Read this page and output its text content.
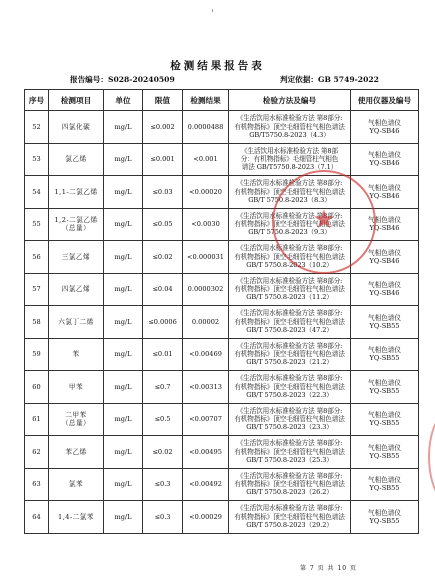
检测结果报告表
报告编号：S028-20240509	判定依据：GB 5749-2022
序号	检测项目	单位	限值	检测结果	检验方法及编号	使用仪器及编号
52	四氯化碳	mg/L	≤0.002	0.0000488	《生活饮用水标准检验方法 第8部分:
有机物指标》顶空毛细管柱气相色谱法
GB/T5750.8-2023（4.3）	气相色谱仪
YQ-SB46
53	氯乙烯	mg/L	≤0.001	<0.001	《生活饮用水标准检验方法 第8部
分：有机物指标》毛细管柱气相色
谱法 GB/T5750.8-2023（7.1）	气相色谱仪
YQ-SB46
54	1,1-二氯乙烯	mg/L	≤0.03	<0.00020	《生活饮用水标准检验方法 第8部分:
有机物指标》顶空毛细管柱气相色谱法
GB/T 5750.8-2023（8.3）	气相色谱仪
YQ-SB46
55	1,2-二氯乙烯
（总量）	mg/L	≤0.05	<0.0030	《生活饮用水标准检验方法 第8部分:
有机物指标》顶空毛细管柱气相色谱法
GB/T 5750.8-2023（9.3）	气相色谱仪
YQ-SB46
56	三氯乙烯	mg/L	≤0.02	<0.000031	《生活饮用水标准检验方法 第8部分:
有机物指标》顶空毛细管柱气相色谱法
GB/T 5750.8-2023（10.2）	气相色谱仪
YQ-SB46
57	四氯乙烯	mg/L	≤0.04	0.0000302	《生活饮用水标准检验方法 第8部分:
有机物指标》顶空毛细管柱气相色谱法
GB/T 5750.8-2023（11.2）	气相色谱仪
YQ-SB46
58	六氯丁二烯	mg/L	≤0.0006	0.00002	《生活饮用水标准检验方法 第8部分:
有机物指标》顶空毛细管柱气相色谱法
GB/T 5750.8-2023（47.2）	气相色谱仪
YQ-SB55
59	苯	mg/L	≤0.01	<0.00469	《生活饮用水标准检验方法 第8部分:
有机物指标》顶空毛细管柱气相色谱法
GB/T 5750.8-2023（21.2）	气相色谱仪
YQ-SB55
60	甲苯	mg/L	≤0.7	<0.00313	《生活饮用水标准检验方法 第8部分:
有机物指标》顶空毛细管柱气相色谱法
GB/T 5750.8-2023（22.3）	气相色谱仪
YQ-SB55
61	二甲苯
（总量）	mg/L	≤0.5	<0.00707	《生活饮用水标准检验方法 第8部分:
有机物指标》顶空毛细管柱气相色谱法
GB/T 5750.8-2023（23.3）	气相色谱仪
YQ-SB55
62	苯乙烯	mg/L	≤0.02	<0.00495	《生活饮用水标准检验方法 第8部分:
有机物指标》顶空毛细管柱气相色谱法
GB/T 5750.8-2023（25.3）	气相色谱仪
YQ-SB55
63	氯苯	mg/L	≤0.3	<0.00492	《生活饮用水标准检验方法 第8部分:
有机物指标》顶空毛细管柱气相色谱法
GB/T 5750.8-2023（26.2）	气相色谱仪
YQ-SB55
64	1,4-二氯苯	mg/L	≤0.3	<0.00029	《生活饮用水标准检验方法 第8部分:
有机物指标》顶空毛细管柱气相色谱法
GB/T 5750.8-2023（29.2）	气相色谱仪
YQ-SB55
★
第 7 页 共 10 页
